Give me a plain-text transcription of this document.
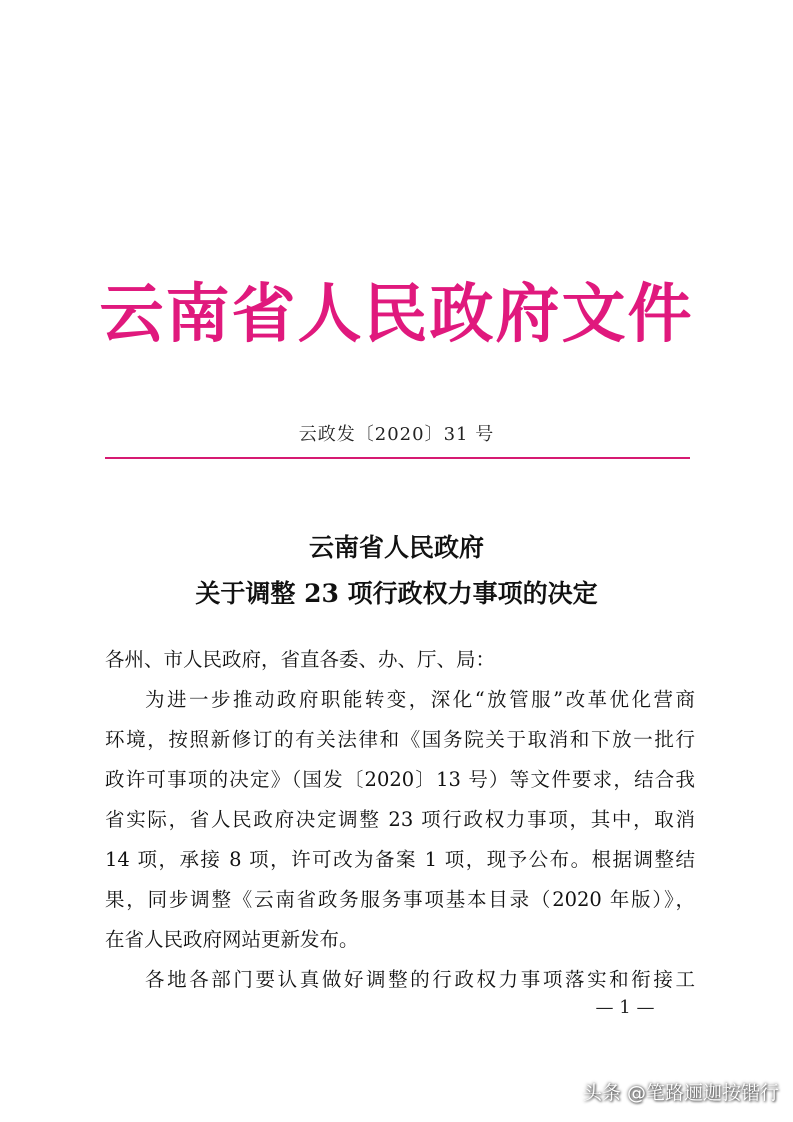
云南省人民政府文件
云政发〔2020〕31 号
云南省人民政府
关于调整 23 项行政权力事项的决定
各州、市人民政府，省直各委、办、厅、局：
为进一步推动政府职能转变，深化“放管服”改革优化营商
环境，按照新修订的有关法律和《国务院关于取消和下放一批行
政许可事项的决定》（国发〔2020〕13 号）等文件要求，结合我
省实际，省人民政府决定调整 23 项行政权力事项，其中，取消
14 项，承接 8 项，许可改为备案 1 项，现予公布。根据调整结
果，同步调整《云南省政务服务事项基本目录（2020 年版）》，
在省人民政府网站更新发布。
各地各部门要认真做好调整的行政权力事项落实和衔接工
— 1 —
头条 @笔路逦迦按锴行
